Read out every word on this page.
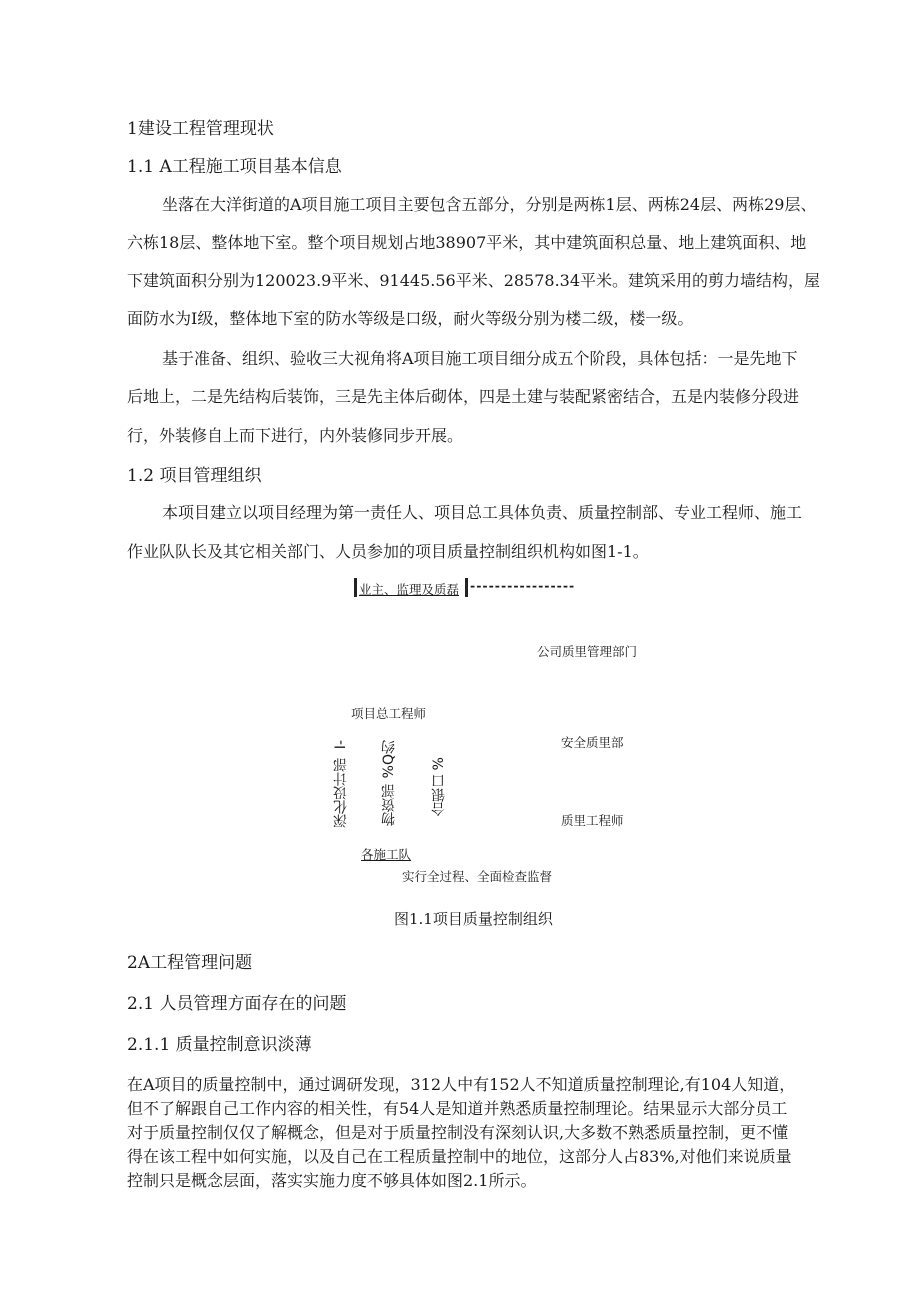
1建设工程管理现状
1.1 A工程施工项目基本信息
坐落在大洋街道的A项目施工项目主要包含五部分，分别是两栋1层、两栋24层、两栋29层、
六栋18层、整体地下室。整个项目规划占地38907平米，其中建筑面积总量、地上建筑面积、地
下建筑面积分别为120023.9平米、91445.56平米、28578.34平米。建筑采用的剪力墙结构，屋
面防水为I级，整体地下室的防水等级是口级，耐火等级分别为楼二级，楼一级。
基于准备、组织、验收三大视角将A项目施工项目细分成五个阶段，具体包括：一是先地下
后地上，二是先结构后装饰，三是先主体后砌体，四是土建与装配紧密结合，五是内装修分段进
行，外装修自上而下进行，内外装修同步开展。
1.2 项目管理组织
本项目建立以项目经理为第一责任人、项目总工具体负责、质量控制部、专业工程师、施工
作业队队长及其它相关部门、人员参加的项目质量控制组织机构如图1-1。
业主、监理及质磊 -----------------
公司质里管理部门
项目总工程师
安全质里部
质里工程师
I-
深化设计部 %Q约
物资部
%
合银口
各施工队
实行全过程、全面检查监督
图1.1项目质量控制组织
2A工程管理问题
2.1 人员管理方面存在的问题
2.1.1 质量控制意识淡薄
在A项目的质量控制中，通过调研发现，312人中有152人不知道质量控制理论,有104人知道，
但不了解跟自己工作内容的相关性，有54人是知道并熟悉质量控制理论。结果显示大部分员工
对于质量控制仅仅了解概念，但是对于质量控制没有深刻认识,大多数不熟悉质量控制，更不懂
得在该工程中如何实施，以及自己在工程质量控制中的地位，这部分人占83%,对他们来说质量
控制只是概念层面，落实实施力度不够具体如图2.1所示。
